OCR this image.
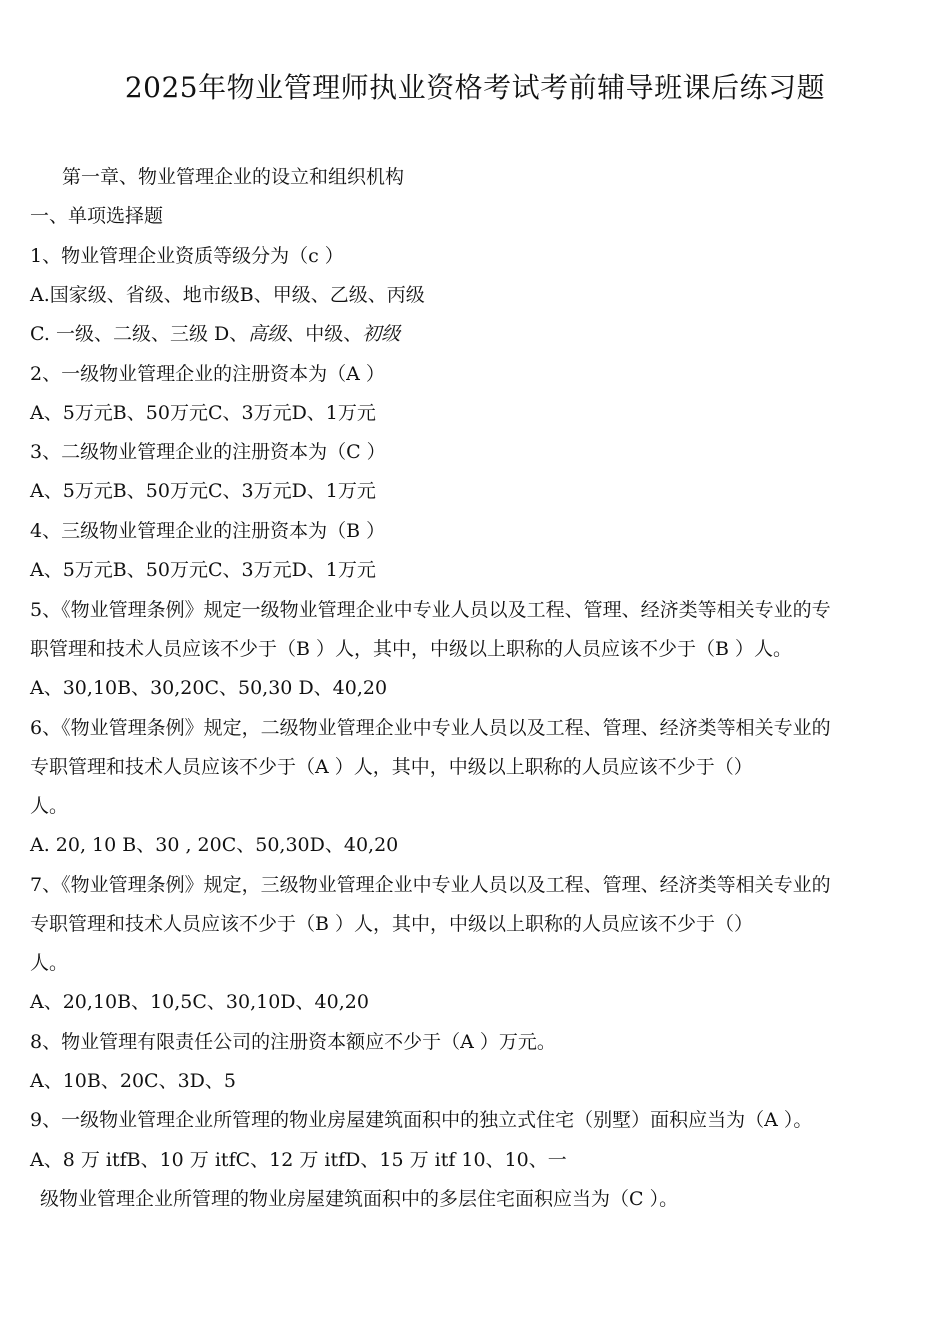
2025年物业管理师执业资格考试考前辅导班课后练习题
第一章、物业管理企业的设立和组织机构
一、单项选择题
1、物业管理企业资质等级分为（c ）
A.国家级、省级、地市级B、甲级、乙级、丙级
C. 一级、二级、三级 D、高级、中级、初级
2、一级物业管理企业的注册资本为（A ）
A、5万元B、50万元C、3万元D、1万元
3、二级物业管理企业的注册资本为（C ）
A、5万元B、50万元C、3万元D、1万元
4、三级物业管理企业的注册资本为（B ）
A、5万元B、50万元C、3万元D、1万元
5、《物业管理条例》规定一级物业管理企业中专业人员以及工程、管理、经济类等相关专业的专
职管理和技术人员应该不少于（B ）人，其中，中级以上职称的人员应该不少于（B ）人。
A、30,10B、30,20C、50,30 D、40,20
6、《物业管理条例》规定，二级物业管理企业中专业人员以及工程、管理、经济类等相关专业的
专职管理和技术人员应该不少于（A ）人，其中，中级以上职称的人员应该不少于（）
人。
A. 20, 10 B、30 , 20C、50,30D、40,20
7、《物业管理条例》规定，三级物业管理企业中专业人员以及工程、管理、经济类等相关专业的
专职管理和技术人员应该不少于（B ）人，其中，中级以上职称的人员应该不少于（）
人。
A、20,10B、10,5C、30,10D、40,20
8、物业管理有限责任公司的注册资本额应不少于（A ）万元。
A、10B、20C、3D、5
9、一级物业管理企业所管理的物业房屋建筑面积中的独立式住宅（别墅）面积应当为（A ）。
A、8 万 itfB、10 万 itfC、12 万 itfD、15 万 itf 10、10、一
级物业管理企业所管理的物业房屋建筑面积中的多层住宅面积应当为（C ）。
